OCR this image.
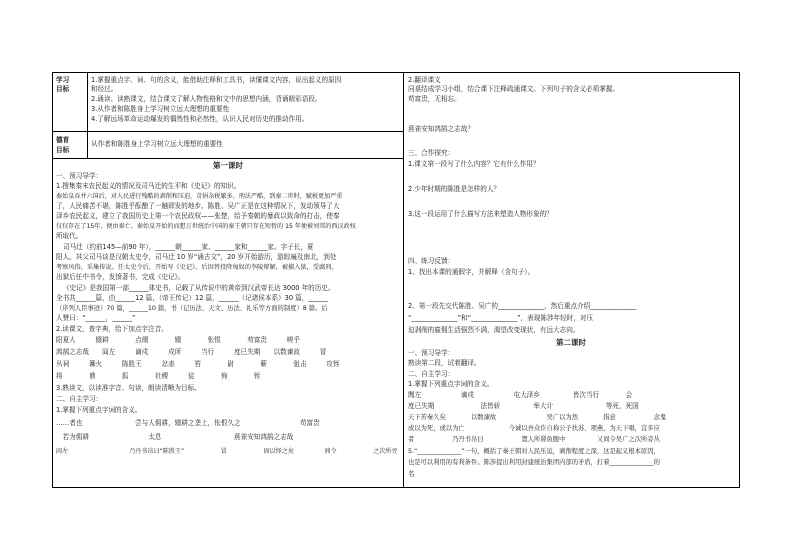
学习
目标
德育
目标
1.掌握重点字、词、句的含义，能借助注释和工具书，读懂课文内容，说出起义的原因
和经过。
2.诵读、读熟课文，结合课文了解人物性格和文中的思想内涵，背诵精彩语段。
3.从作者和陈胜身上学习树立远大理想的重要性
4.了解远场革命运动爆发的偶然性和必然性，认识人民对历史的推动作用。
从作者和陈胜身上学习树立远大理想的重要性
第一课时
一、预习导学：
1.搜集秦末农民起义的情况及司马迁的生平和《史记》的知识。
秦始皇吞并六国后，对人民进行残酷的剥削和压迫，苛捐杂税繁多，刑法严酷，到秦二世时，赋税更加严重
了，人民痛苦不堪，陈胜乎酝酿了一触即发的地步。陈胜、吴广正是在这种情况下，发动领导了大
泽乡农民起义，建立了我国历史上第一个农民政权——张楚，给予秦朝的暴政以致命的打击，使秦
仅仅存在了15年，便由秦亡。秦始皇开始的而想万世统治中国的秦王朝只存在短暂的 15 年便被刘邦的西汉政权
所取代。
司马迁（约前145—前90 年），______朝______家、______家和______家。字子长，夏
阳人。其父司马谈是汉朝太史令，司马迁 10 岁“诵古文”，20 岁开始游历，游踪遍及南北，到处
考察风俗，采集传说。任太史令后，开始写《史记》。后因替投降匈奴的李陵辩解，被捕入狱，受腐刑。
出狱后任中书令，发愤著书，完成《史记》。
《史记》是我国第一部______体史书，记载了从传说中的黄帝到汉武帝长达 3000 年的历史。
全书共______篇，由______12 篇，（帝王传记）12 篇，______（记诸侯本系）30 篇，______
（序列人臣事迹）70 篇，______10 篇，书（记历法、天文、历法、礼乐等方面的制度）8 篇。后
人赞曰：“______，______”
2.读课文，查字典，给下加点字注音。
阳夏人　　　辍耕　　　　点缀　　　　辍　　　　怅恨　　　　苟富贵　　　嗟乎
鸿鹄之志哉　　闾左　　　谪戍　　　戍所　　　当行　　　度已失期　　以数谏故　　　冒
丛祠　　　篝火　　　陈胜王　　　忿恚　　　笞　　　　尉　　　　蕲　　　　狙击　　　攻铚
将　　　　谯　　　　狐　　　　社稷　　　徒　　　　徇　　　　铚
3.熟读文，以读准字音、句读，朗读清晰为目标。
二、自主学习：
1.掌握下列重点字词的含义。
……者也　　　　　　　　尝与人佣耕，辍耕之垄上，怅恨久之　　　　　　　　　苟富贵
　若为佣耕　　　　　　　　　太息　　　　　　　　　　　燕雀安知鸿鹄之志哉
闾左　　　　　　　　　　乃丹书帛曰“陈胜王”　　　　　　冒　　　　　　固以怪之矣　　　　　间令　　　　　　之次所旁
2.翻译课文
同桌结成学习小组，结合课下注释疏通课文。下列句子的含义必须掌握。
苟富贵，无相忘。
燕雀安知鸿鹄之志哉？
三、合作探究：
1.课文第一段写了什么内容？它有什么作用？
2.少年时期的陈胜是怎样的人？
3.这一段运用了什么描写方法来塑造人物形象的？
四、练习反馈：
1、找出本课的通假字，并解释（含句子）。
2、第一段先交代陈胜、吴广的______________，然后重点介绍______________
“______________”和“______________”，表现陈涉年轻时，对压
迫剥削的雇佣生活强烈不满，渴望改变现状，有远大志向。
第二课时
一、预习导学：
熟读第二段，试着翻译。
二、自主学习：
1.掌握下列重点字词的含义。
閭左　　　　　　谪戍　　　　　　屯大泽乡　　　　　皆次当行　　　　会
度已失期　　　　　　　法皆斩　　　　　举大计　　　　　　　　等死，死国
天下苦秦久矣　　　　以数谏故　　　　　　　　吴广以为然　　　　指意　　　　　　念鬼
或以为死，或以为亡　　　　　　　今诚以吾众诈自称公子扶苏、项燕，为天下唱，宜多应
者　　　　　　乃丹书帛曰　　　　　　置人所罾鱼腹中　　　　　又间令吴广之次所旁丛
5.“______________”一句，概括了秦王朝对人民压迫，剥削程度之深，这是起义根本原因，
也是可以利用的有利条件。陈涉提出利用封建统治集团内部的矛盾，打着______________的
名
